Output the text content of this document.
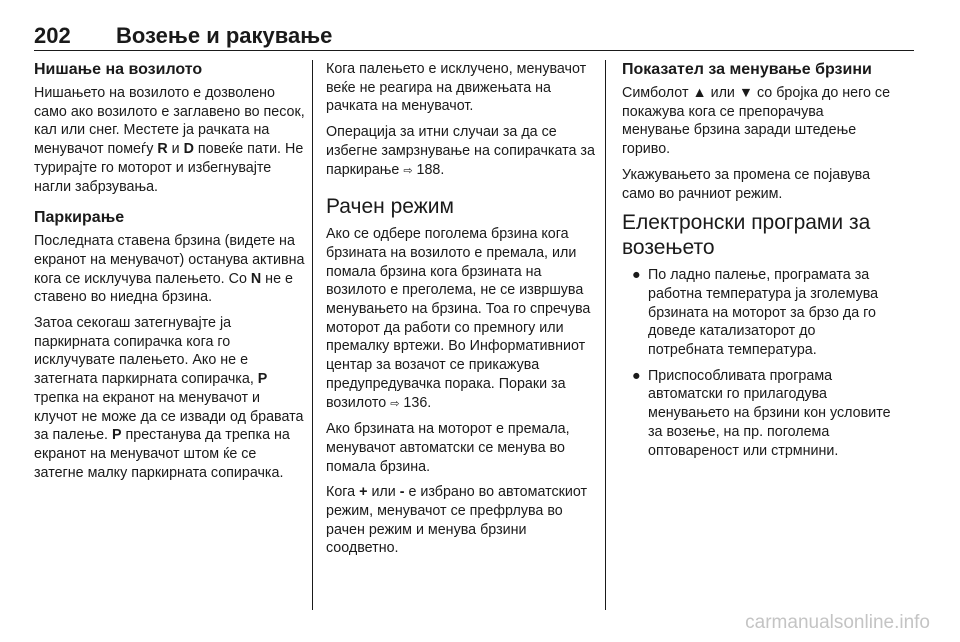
202 Возење и ракување
Нишање на возилото

Нишањето на возилото е дозволено само ако возилото е заглавено во песок, кал или снег. Местете ја рачката на менувачот помеѓу R и D повеќе пати. Не турирајте го моторот и избегнувајте нагли забрзувања.

Паркирање

Последната ставена брзина (видете на екранот на менувачот) останува активна кога се исклучува палењето. Со N не е ставено во ниедна брзина.

Затоа секогаш затегнувајте ја паркирната сопирачка кога го исклучувате палењето. Ако не е затегната паркирната сопирачка, P трепка на екранот на менувачот и клучот не може да се извади од бравата за палење. P престанува да трепка на екранот на менувачот штом ќе се затегне малку паркирната сопирачка.

Кога палењето е исклучено, менувачот веќе не реагира на движењата на рачката на менувачот.

Операција за итни случаи за да се избегне замрзнување на сопирачката за паркирање ⇨ 188.

Рачен режим

Ако се одбере поголема брзина кога брзината на возилото е премала, или помала брзина кога брзината на возилото е преголема, не се извршува менувањето на брзина. Тоа го спречува моторот да работи со премногу или премалку вртежи. Во Информативниот центар за возачот се прикажува предупредувачка порака. Пораки за возилото ⇨ 136.

Ако брзината на моторот е премала, менувачот автоматски се менува во помала брзина.

Кога + или - е избрано во автоматскиот режим, менувачот се префрлува во рачен режим и менува брзини соодветно.

Показател за менување брзини

Симболот ▲ или ▼ со бројка до него се покажува кога се препорачува менување брзина заради штедење гориво.

Укажувањето за промена се појавува само во рачниот режим.

Електронски програми за возењето
● По ладно палење, програмата за работна температура ја зголемува брзината на моторот за брзо да го доведе катализаторот до потребната температура.
● Приспособливата програма автоматски го прилагодува менувањето на брзини кон условите за возење, на пр. поголема оптовареност или стрмнини.
carmanualsonline.info
